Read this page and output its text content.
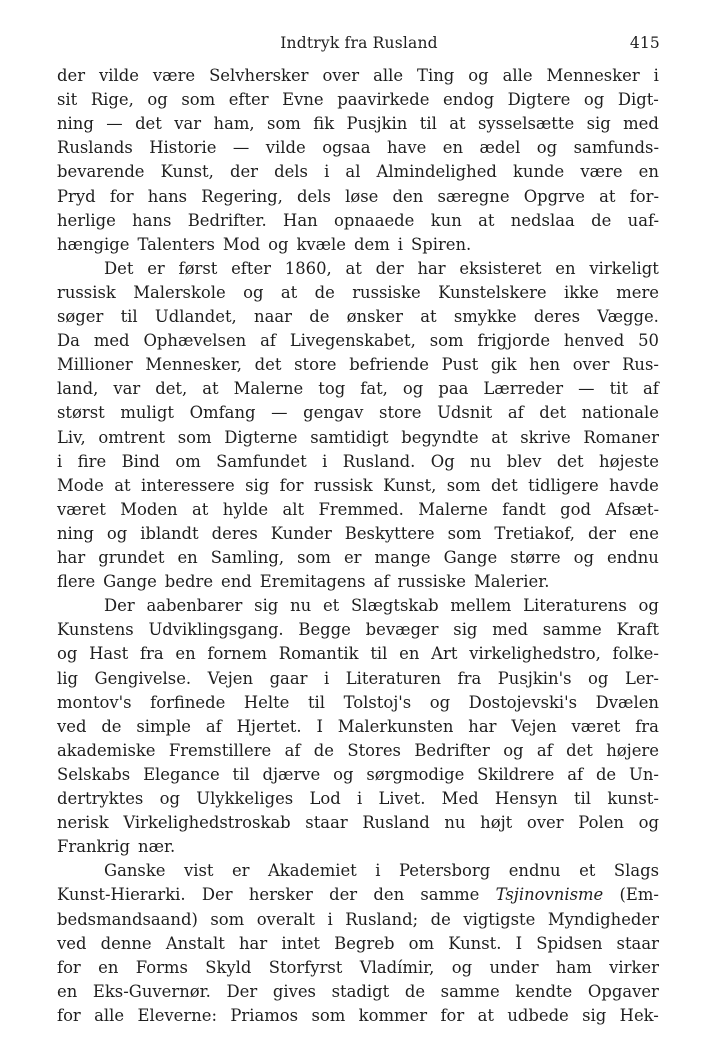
Indtryk fra Rusland	415
der vilde være Selvhersker over alle Ting og alle Mennesker i
sit Rige, og som efter Evne paavirkede endog Digtere og Digt-
ning — det var ham, som fik Pusjkin til at sysselsætte sig med
Ruslands Historie — vilde ogsaa have en ædel og samfunds-
bevarende Kunst, der dels i al Almindelighed kunde være en
Pryd for hans Regering, dels løse den særegne Opgrve at for-
herlige hans Bedrifter. Han opnaaede kun at nedslaa de uaf-
hængige Talenters Mod og kvæle dem i Spiren.
Det er først efter 1860, at der har eksisteret en virkeligt
russisk Malerskole og at de russiske Kunstelskere ikke mere
søger til Udlandet, naar de ønsker at smykke deres Vægge.
Da med Ophævelsen af Livegenskabet, som frigjorde henved 50
Millioner Mennesker, det store befriende Pust gik hen over Rus-
land, var det, at Malerne tog fat, og paa Lærreder — tit af
størst muligt Omfang — gengav store Udsnit af det nationale
Liv, omtrent som Digterne samtidigt begyndte at skrive Romaner
i fire Bind om Samfundet i Rusland. Og nu blev det højeste
Mode at interessere sig for russisk Kunst, som det tidligere havde
været Moden at hylde alt Fremmed. Malerne fandt god Afsæt-
ning og iblandt deres Kunder Beskyttere som Tretiakof, der ene
har grundet en Samling, som er mange Gange større og endnu
flere Gange bedre end Eremitagens af russiske Malerier.
Der aabenbarer sig nu et Slægtskab mellem Literaturens og
Kunstens Udviklingsgang. Begge bevæger sig med samme Kraft
og Hast fra en fornem Romantik til en Art virkelighedstro, folke-
lig Gengivelse. Vejen gaar i Literaturen fra Pusjkin's og Ler-
montov's forfinede Helte til Tolstoj's og Dostojevski's Dvælen
ved de simple af Hjertet. I Malerkunsten har Vejen været fra
akademiske Fremstillere af de Stores Bedrifter og af det højere
Selskabs Elegance til djærve og sørgmodige Skildrere af de Un-
dertryktes og Ulykkeliges Lod i Livet. Med Hensyn til kunst-
nerisk Virkelighedstroskab staar Rusland nu højt over Polen og
Frankrig nær.
Ganske vist er Akademiet i Petersborg endnu et Slags
Kunst-Hierarki. Der hersker der den samme Tsjinovnisme (Em-
bedsmandsaand) som overalt i Rusland; de vigtigste Myndigheder
ved denne Anstalt har intet Begreb om Kunst. I Spidsen staar
for en Forms Skyld Storfyrst Vladímir, og under ham virker
en Eks-Guvernør. Der gives stadigt de samme kendte Opgaver
for alle Eleverne: Priamos som kommer for at udbede sig Hek-
